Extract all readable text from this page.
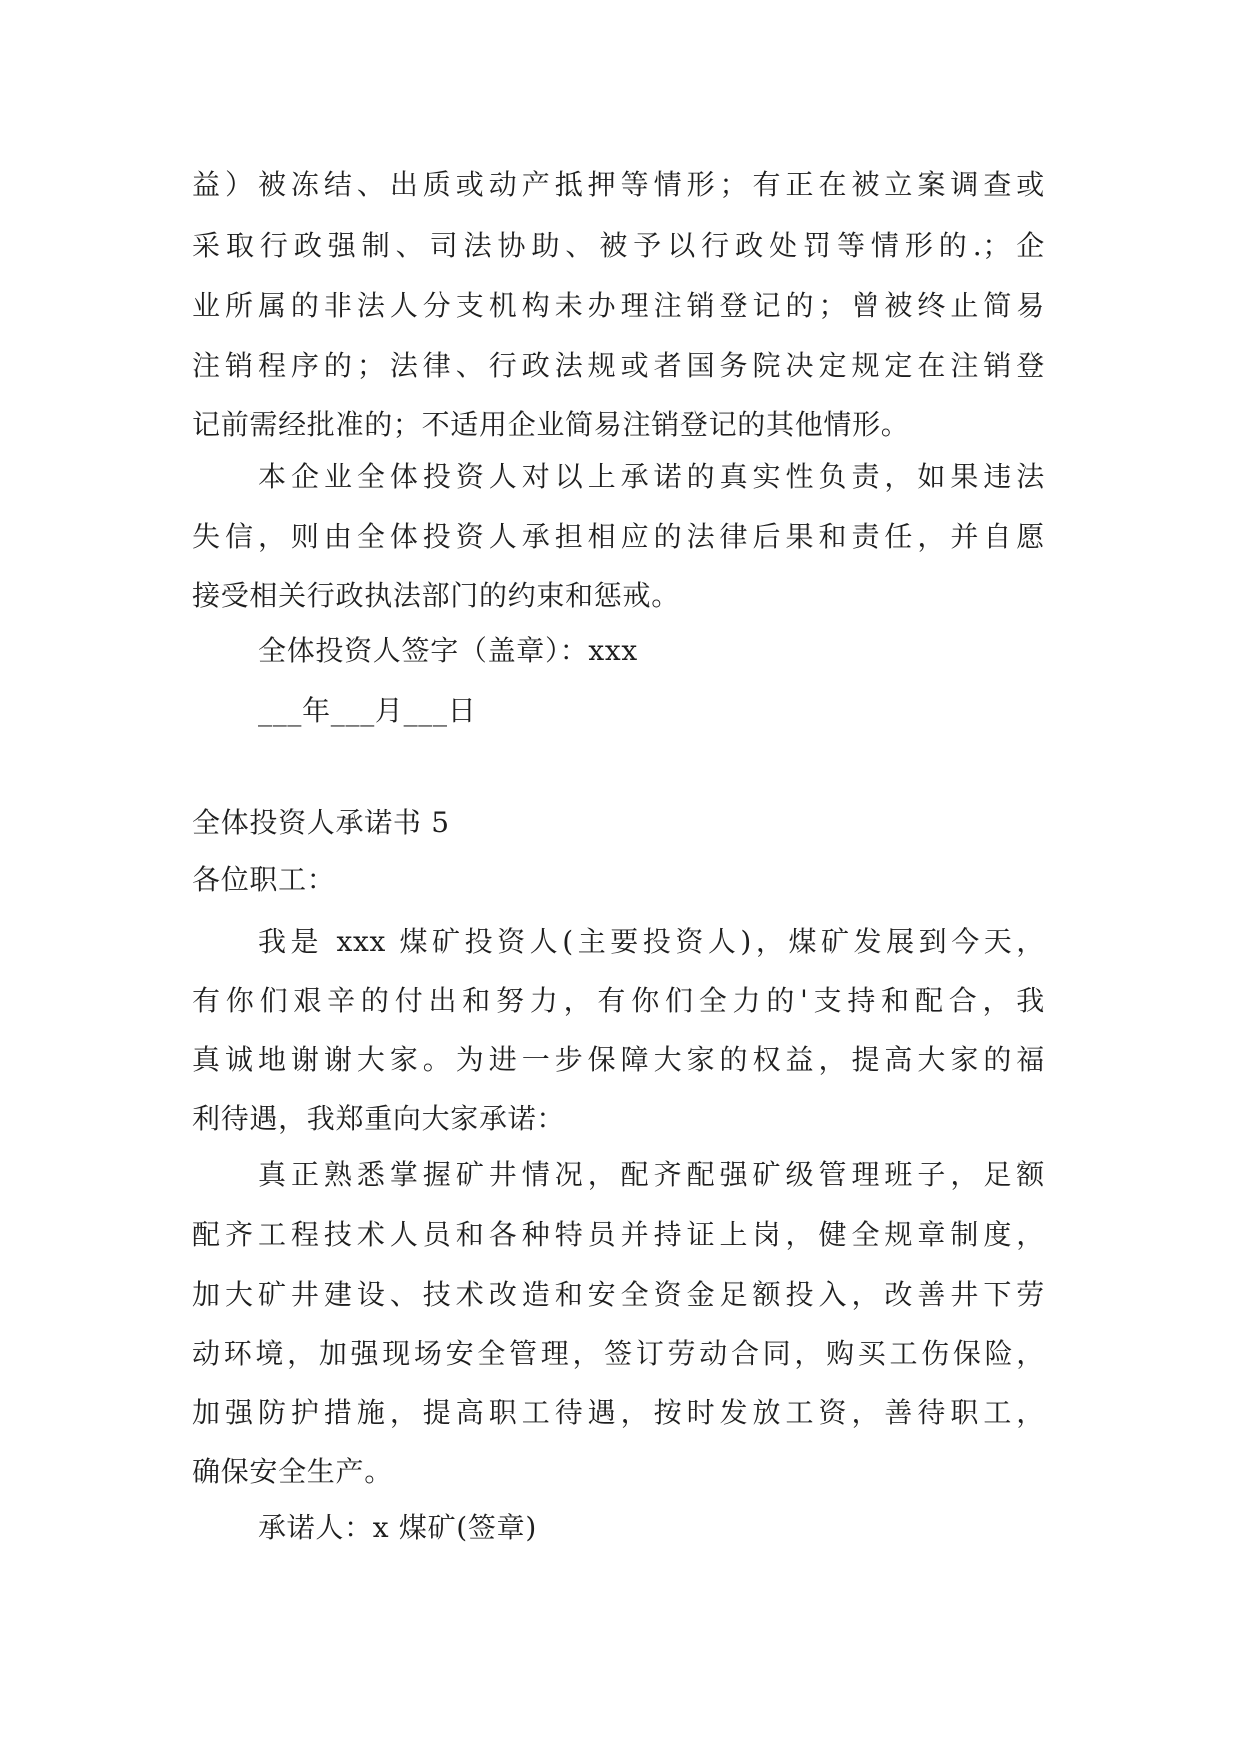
益）被冻结、出质或动产抵押等情形；有正在被立案调查或
采取行政强制、司法协助、被予以行政处罚等情形的.；企
业所属的非法人分支机构未办理注销登记的；曾被终止简易
注销程序的；法律、行政法规或者国务院决定规定在注销登
记前需经批准的；不适用企业简易注销登记的其他情形。
本企业全体投资人对以上承诺的真实性负责，如果违法
失信，则由全体投资人承担相应的法律后果和责任，并自愿
接受相关行政执法部门的约束和惩戒。
全体投资人签字（盖章）：xxx
___年___月___日
全体投资人承诺书 5
各位职工：
我是 xxx 煤矿投资人(主要投资人)，煤矿发展到今天，
有你们艰辛的付出和努力，有你们全力的'支持和配合，我
真诚地谢谢大家。为进一步保障大家的权益，提高大家的福
利待遇，我郑重向大家承诺：
真正熟悉掌握矿井情况，配齐配强矿级管理班子，足额
配齐工程技术人员和各种特员并持证上岗，健全规章制度，
加大矿井建设、技术改造和安全资金足额投入，改善井下劳
动环境，加强现场安全管理，签订劳动合同，购买工伤保险，
加强防护措施，提高职工待遇，按时发放工资，善待职工，
确保安全生产。
承诺人：x 煤矿(签章)
